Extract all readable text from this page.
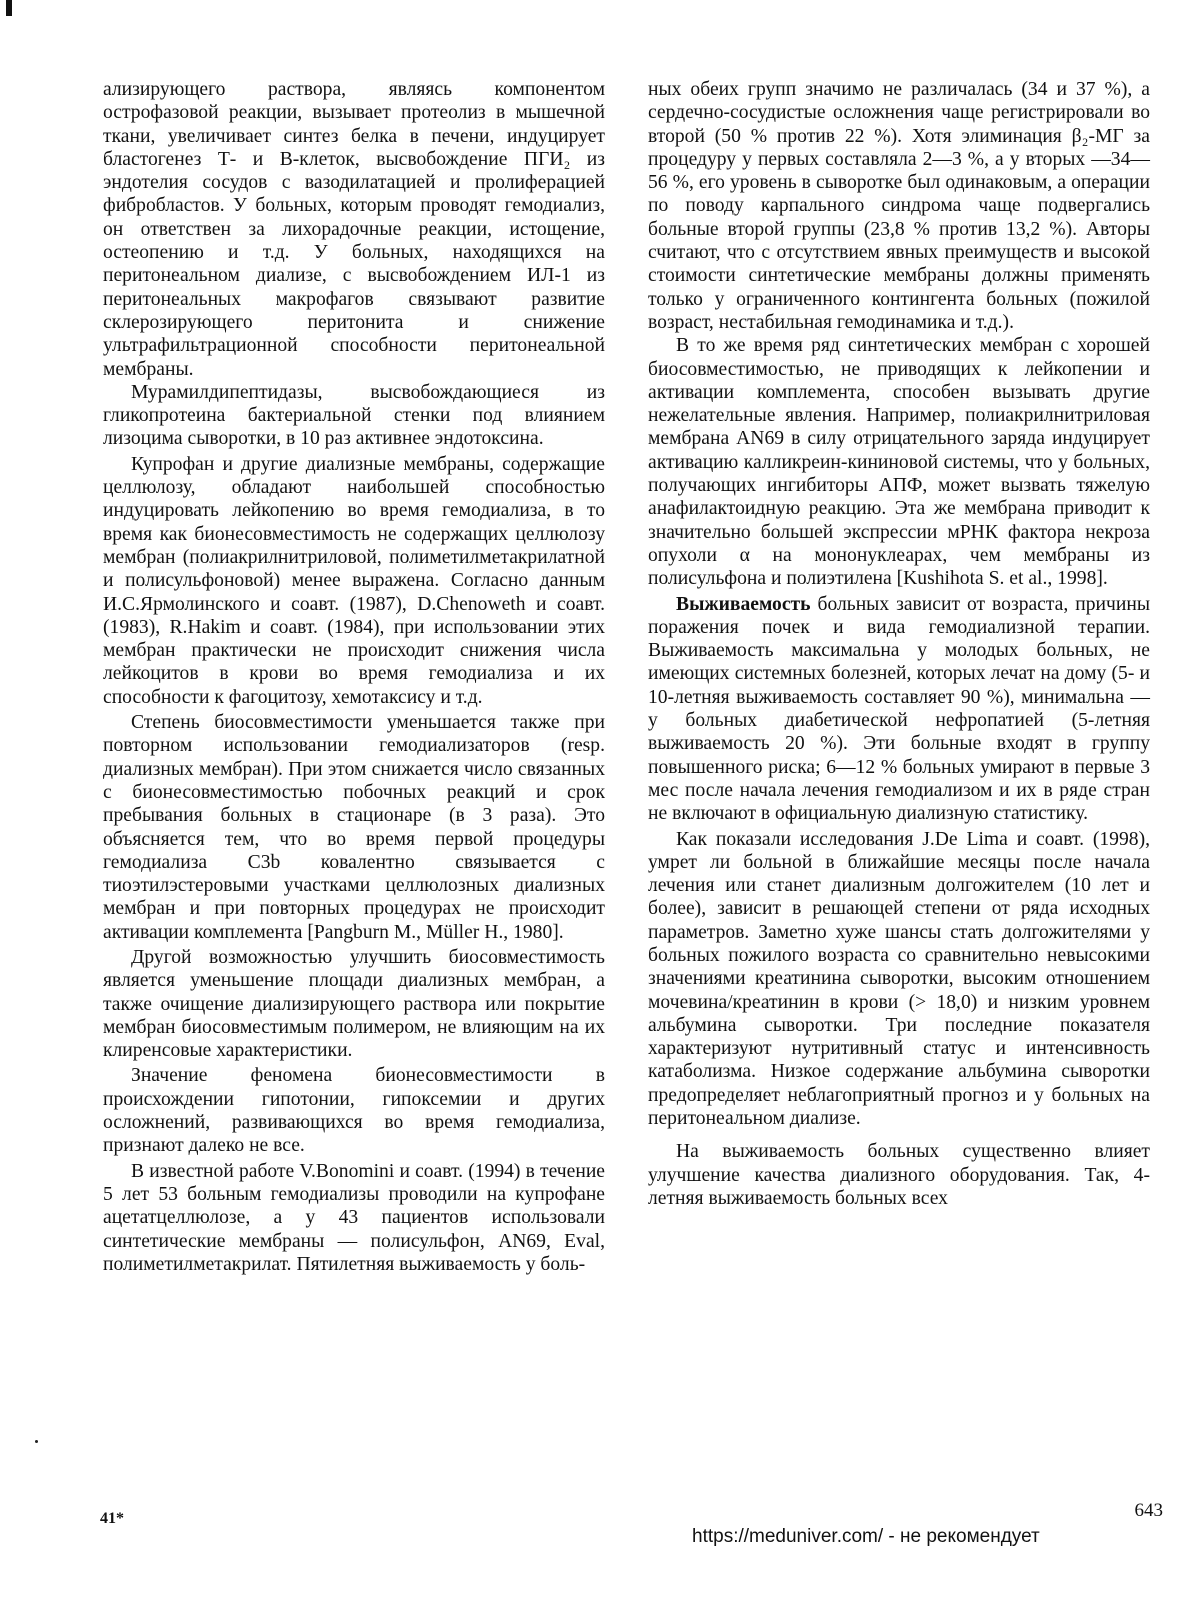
ализирующего раствора, являясь компонентом острофазовой реакции, вызывает протеолиз в мышечной ткани, увеличивает синтез белка в печени, индуцирует бластогенез Т- и В-клеток, высвобождение ПГИ₂ из эндотелия сосудов с вазодилатацией и пролиферацией фибробластов. У больных, которым проводят гемодиализ, он ответствен за лихорадочные реакции, истощение, остеопению и т.д. У больных, находящихся на перитонеальном диализе, с высвобождением ИЛ-1 из перитонеальных макрофагов связывают развитие склерозирующего перитонита и снижение ультрафильтрационной способности перитонеальной мембраны.

Мурамилдипептидазы, высвобождающиеся из гликопротеина бактериальной стенки под влиянием лизоцима сыворотки, в 10 раз активнее эндотоксина.

Купрофан и другие диализные мембраны, содержащие целлюлозу, обладают наибольшей способностью индуцировать лейкопению во время гемодиализа, в то время как бионесовместимость не содержащих целлюлозу мембран (полиакрилнитриловой, полиметилметакрилатной и полисульфоновой) менее выражена. Согласно данным И.С.Ярмолинского и соавт. (1987), D.Chenoweth и соавт. (1983), R.Hakim и соавт. (1984), при использовании этих мембран практически не происходит снижения числа лейкоцитов в крови во время гемодиализа и их способности к фагоцитозу, хемотаксису и т.д.

Степень биосовместимости уменьшается также при повторном использовании гемодиализаторов (resp. диализных мембран). При этом снижается число связанных с бионесовместимостью побочных реакций и срок пребывания больных в стационаре (в 3 раза). Это объясняется тем, что во время первой процедуры гемодиализа C3b ковалентно связывается с тиоэтилэстеровыми участками целлюлозных диализных мембран и при повторных процедурах не происходит активации комплемента [Pangburn M., Müller H., 1980].

Другой возможностью улучшить биосовместимость является уменьшение площади диализных мембран, а также очищение диализирующего раствора или покрытие мембран биосовместимым полимером, не влияющим на их клиренсовые характеристики.

Значение феномена бионесовместимости в происхождении гипотонии, гипоксемии и других осложнений, развивающихся во время гемодиализа, признают далеко не все.

В известной работе V.Bonomini и соавт. (1994) в течение 5 лет 53 больным гемодиализы проводили на купрофане ацетатцеллюлозе, а у 43 пациентов использовали синтетические мембраны — полисульфон, AN69, Eval, полиметилметакрилат. Пятилетняя выживаемость у боль-

ных обеих групп значимо не различалась (34 и 37 %), а сердечно-сосудистые осложнения чаще регистрировали во второй (50 % против 22 %). Хотя элиминация β₂-МГ за процедуру у первых составляла 2—3 %, а у вторых —34—56 %, его уровень в сыворотке был одинаковым, а операции по поводу карпального синдрома чаще подвергались больные второй группы (23,8 % против 13,2 %). Авторы считают, что с отсутствием явных преимуществ и высокой стоимости синтетические мембраны должны применять только у ограниченного контингента больных (пожилой возраст, нестабильная гемодинамика и т.д.).

В то же время ряд синтетических мембран с хорошей биосовместимостью, не приводящих к лейкопении и активации комплемента, способен вызывать другие нежелательные явления. Например, полиакрилнитриловая мембрана AN69 в силу отрицательного заряда индуцирует активацию калликреин-кининовой системы, что у больных, получающих ингибиторы АПФ, может вызвать тяжелую анафилактоидную реакцию. Эта же мембрана приводит к значительно большей экспрессии мРНК фактора некроза опухоли α на мононуклеарах, чем мембраны из полисульфона и полиэтилена [Kushihota S. et al., 1998].

Выживаемость больных зависит от возраста, причины поражения почек и вида гемодиализной терапии. Выживаемость максимальна у молодых больных, не имеющих системных болезней, которых лечат на дому (5- и 10-летняя выживаемость составляет 90 %), минимальна — у больных диабетической нефропатией (5-летняя выживаемость 20 %). Эти больные входят в группу повышенного риска; 6—12 % больных умирают в первые 3 мес после начала лечения гемодиализом и их в ряде стран не включают в официальную диализную статистику.

Как показали исследования J.De Lima и соавт. (1998), умрет ли больной в ближайшие месяцы после начала лечения или станет диализным долгожителем (10 лет и более), зависит в решающей степени от ряда исходных параметров. Заметно хуже шансы стать долгожителями у больных пожилого возраста со сравнительно невысокими значениями креатинина сыворотки, высоким отношением мочевина/креатинин в крови (> 18,0) и низким уровнем альбумина сыворотки. Три последние показателя характеризуют нутритивный статус и интенсивность катаболизма. Низкое содержание альбумина сыворотки предопределяет неблагоприятный прогноз и у больных на перитонеальном диализе.

На выживаемость больных существенно влияет улучшение качества диализного оборудования. Так, 4-летняя выживаемость больных всех

41*	643
https://meduniver.com/ - не рекомендует
